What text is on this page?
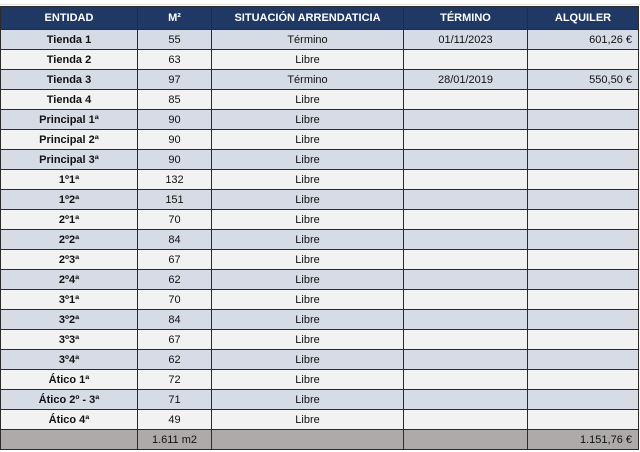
ENTIDAD	M²	SITUACIÓN ARRENDATICIA	TÉRMINO	ALQUILER
Tienda 1	55	Término	01/11/2023	601,26 €
Tienda 2	63	Libre		
Tienda 3	97	Término	28/01/2019	550,50 €
Tienda 4	85	Libre		
Principal 1ª	90	Libre		
Principal 2ª	90	Libre		
Principal 3ª	90	Libre		
1º1ª	132	Libre		
1º2ª	151	Libre		
2º1ª	70	Libre		
2º2ª	84	Libre		
2º3ª	67	Libre		
2º4ª	62	Libre		
3º1ª	70	Libre		
3º2ª	84	Libre		
3º3ª	67	Libre		
3º4ª	62	Libre		
Ático 1ª	72	Libre		
Ático 2º - 3ª	71	Libre		
Ático 4ª	49	Libre		
	1.611 m2			1.151,76 €
